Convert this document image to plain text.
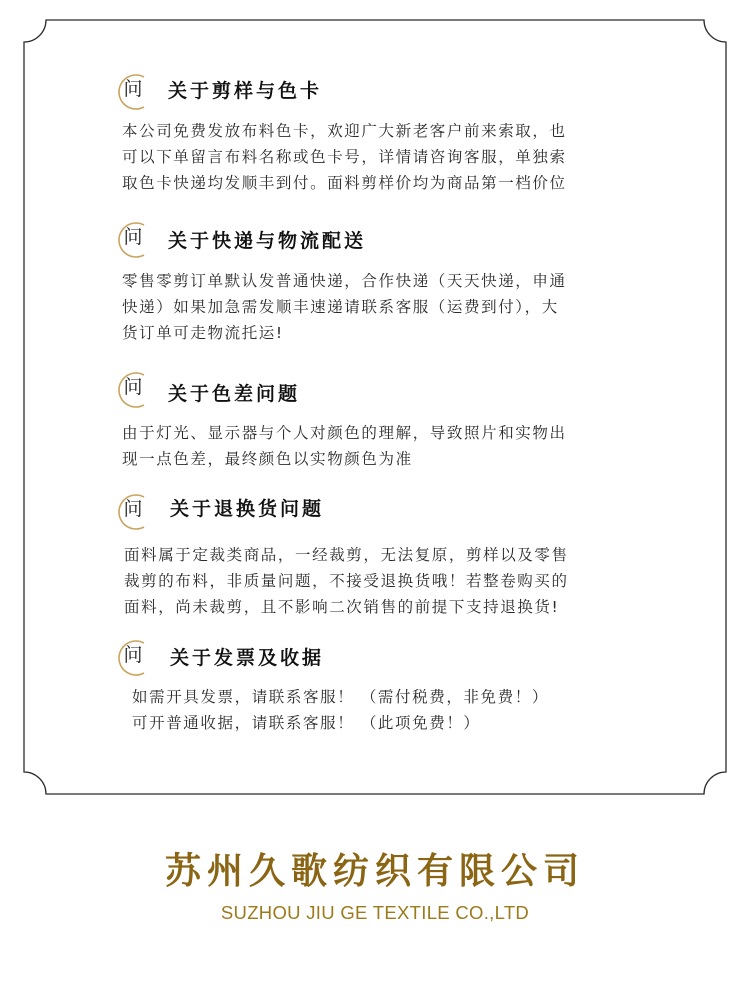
问 关于剪样与色卡

本公司免费发放布料色卡，欢迎广大新老客户前来索取，也

可以下单留言布料名称或色卡号，详情请咨询客服，单独索

取色卡快递均发顺丰到付。面料剪样价均为商品第一档价位

问 关于快递与物流配送

零售零剪订单默认发普通快递，合作快递（天天快递，申通

快递）如果加急需发顺丰速递请联系客服（运费到付），大

货订单可走物流托运!

问 关于色差问题

由于灯光、显示器与个人对颜色的理解，导致照片和实物出

现一点色差，最终颜色以实物颜色为准

问 关于退换货问题

面料属于定裁类商品，一经裁剪，无法复原，剪样以及零售

裁剪的布料，非质量问题，不接受退换货哦！若整卷购买的

面料，尚未裁剪，且不影响二次销售的前提下支持退换货!

问 关于发票及收据

如需开具发票，请联系客服！ （需付税费，非免费！）

可开普通收据，请联系客服！ （此项免费！）

苏州久歌纺织有限公司
SUZHOU JIU GE TEXTILE CO.,LTD
